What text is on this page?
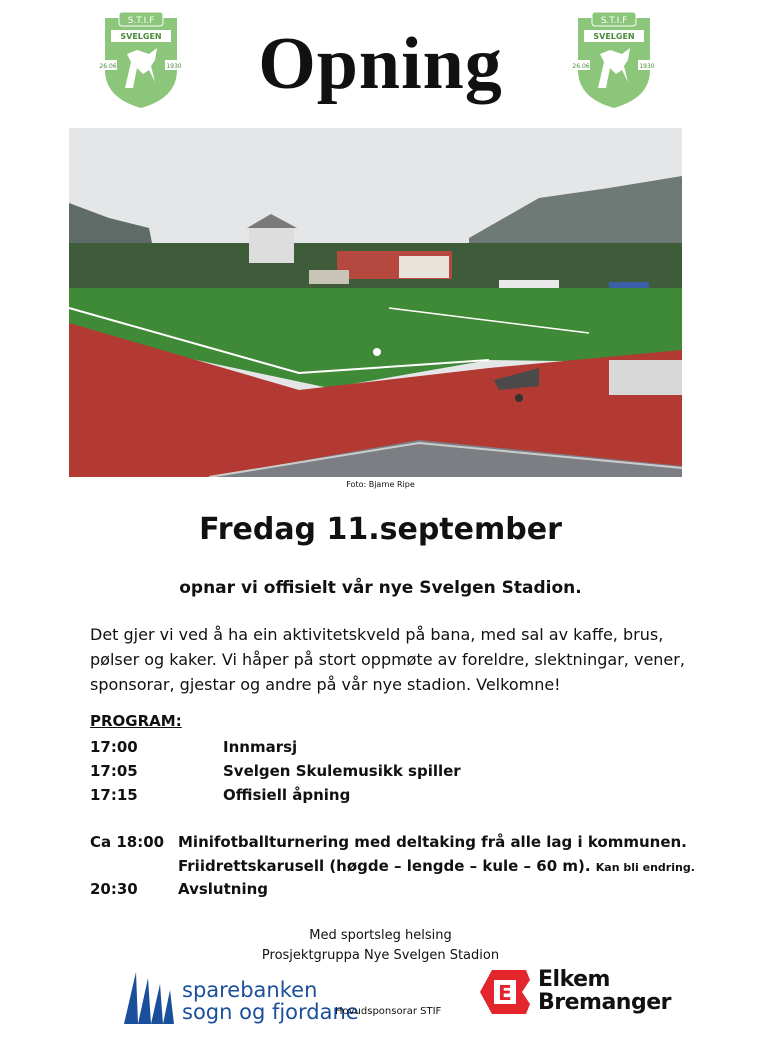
S.T.I.F
SVELGEN
26.06	1930	Opning
S.T.I.F
SVELGEN
26.06	1930
Foto: Bjarne Ripe
Fredag 11.september
opnar vi offisielt vår nye Svelgen Stadion.
Det gjer vi ved å ha ein aktivitetskveld på bana, med sal av kaffe, brus, pølser og kaker. Vi håper på stort oppmøte av foreldre, slektningar, vener, sponsorar, gjestar og andre på vår nye stadion. Velkomne!
PROGRAM:
17:00	Innmarsj
17:05	Svelgen Skulemusikk spiller
17:15	Offisiell åpning
Ca 18:00 Minifotballturnering med deltaking frå alle lag i kommunen.
Friidrettskarusell (høgde – lengde – kule – 60 m). Kan bli endring.
20:30	Avslutning
Med sportsleg helsing
Prosjektgruppa Nye Svelgen Stadion
sparebanken
sogn og fjordane
Hovudsponsorar STIF
E
Elkem
Bremanger
